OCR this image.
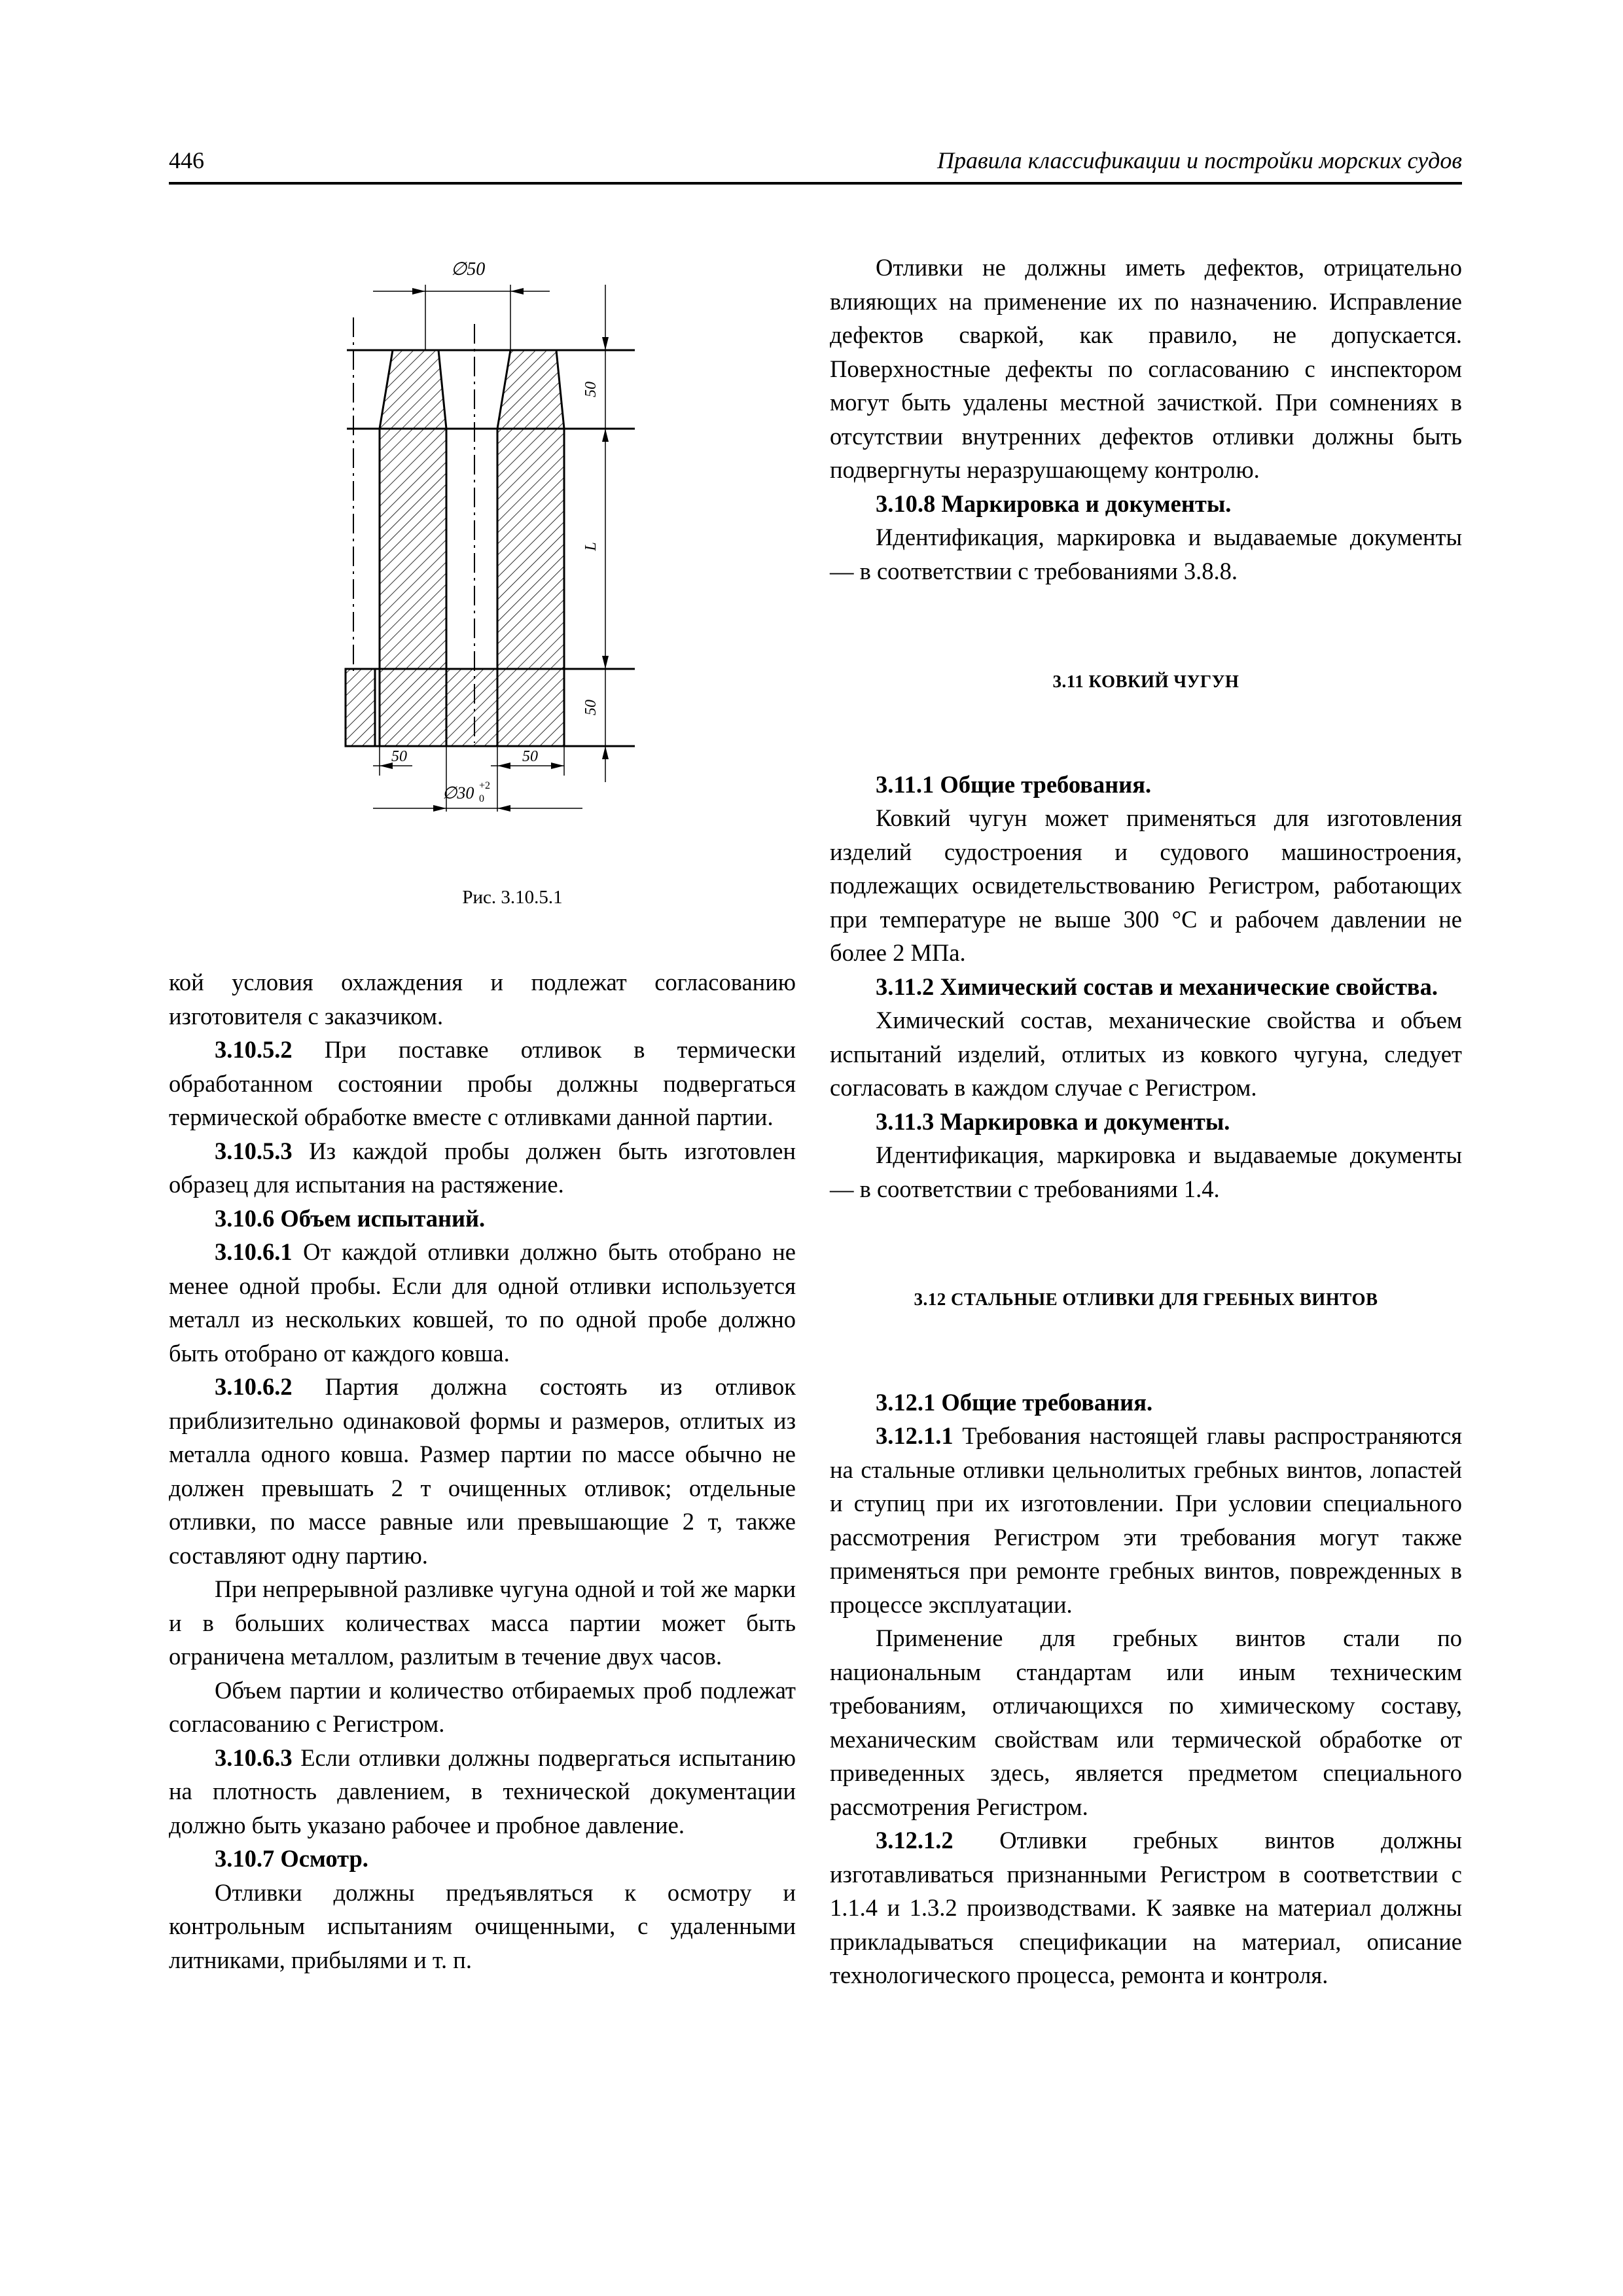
446	Правила классификации и постройки морских судов
∅50
50
L
50
50	50
∅30 +2
0
Рис. 3.10.5.1

кой условия охлаждения и подлежат согласованию изготовителя с заказчиком.

3.10.5.2 При поставке отливок в термически обработанном состоянии пробы должны подвергаться термической обработке вместе с отливками данной партии.

3.10.5.3 Из каждой пробы должен быть изготовлен образец для испытания на растяжение.

3.10.6 Объем испытаний.

3.10.6.1 От каждой отливки должно быть отобрано не менее одной пробы. Если для одной отливки используется металл из нескольких ковшей, то по одной пробе должно быть отобрано от каждого ковша.

3.10.6.2 Партия должна состоять из отливок приблизительно одинаковой формы и размеров, отлитых из металла одного ковша. Размер партии по массе обычно не должен превышать 2 т очищенных отливок; отдельные отливки, по массе равные или превышающие 2 т, также составляют одну партию.

При непрерывной разливке чугуна одной и той же марки и в больших количествах масса партии может быть ограничена металлом, разлитым в течение двух часов.

Объем партии и количество отбираемых проб подлежат согласованию с Регистром.

3.10.6.3 Если отливки должны подвергаться испытанию на плотность давлением, в технической документации должно быть указано рабочее и пробное давление.

3.10.7 Осмотр.

Отливки должны предъявляться к осмотру и контрольным испытаниям очищенными, с удаленными литниками, прибылями и т. п.

Отливки не должны иметь дефектов, отрицательно влияющих на применение их по назначению. Исправление дефектов сваркой, как правило, не допускается. Поверхностные дефекты по согласованию с инспектором могут быть удалены местной зачисткой. При сомнениях в отсутствии внутренних дефектов отливки должны быть подвергнуты неразрушающему контролю.

3.10.8 Маркировка и документы.

Идентификация, маркировка и выдаваемые документы — в соответствии с требованиями 3.8.8.

3.11 КОВКИЙ ЧУГУН

3.11.1 Общие требования.

Ковкий чугун может применяться для изготовления изделий судостроения и судового машиностроения, подлежащих освидетельствованию Регистром, работающих при температуре не выше 300 °С и рабочем давлении не более 2 МПа.

3.11.2 Химический состав и механические свойства.

Химический состав, механические свойства и объем испытаний изделий, отлитых из ковкого чугуна, следует согласовать в каждом случае с Регистром.

3.11.3 Маркировка и документы.

Идентификация, маркировка и выдаваемые документы — в соответствии с требованиями 1.4.

3.12 СТАЛЬНЫЕ ОТЛИВКИ ДЛЯ ГРЕБНЫХ ВИНТОВ

3.12.1 Общие требования.

3.12.1.1 Требования настоящей главы распространяются на стальные отливки цельнолитых гребных винтов, лопастей и ступиц при их изготовлении. При условии специального рассмотрения Регистром эти требования могут также применяться при ремонте гребных винтов, поврежденных в процессе эксплуатации.

Применение для гребных винтов стали по национальным стандартам или иным техническим требованиям, отличающихся по химическому составу, механическим свойствам или термической обработке от приведенных здесь, является предметом специального рассмотрения Регистром.

3.12.1.2 Отливки гребных винтов должны изготавливаться признанными Регистром в соответствии с 1.1.4 и 1.3.2 производствами. К заявке на материал должны прикладываться спецификации на материал, описание технологического процесса, ремонта и контроля.
